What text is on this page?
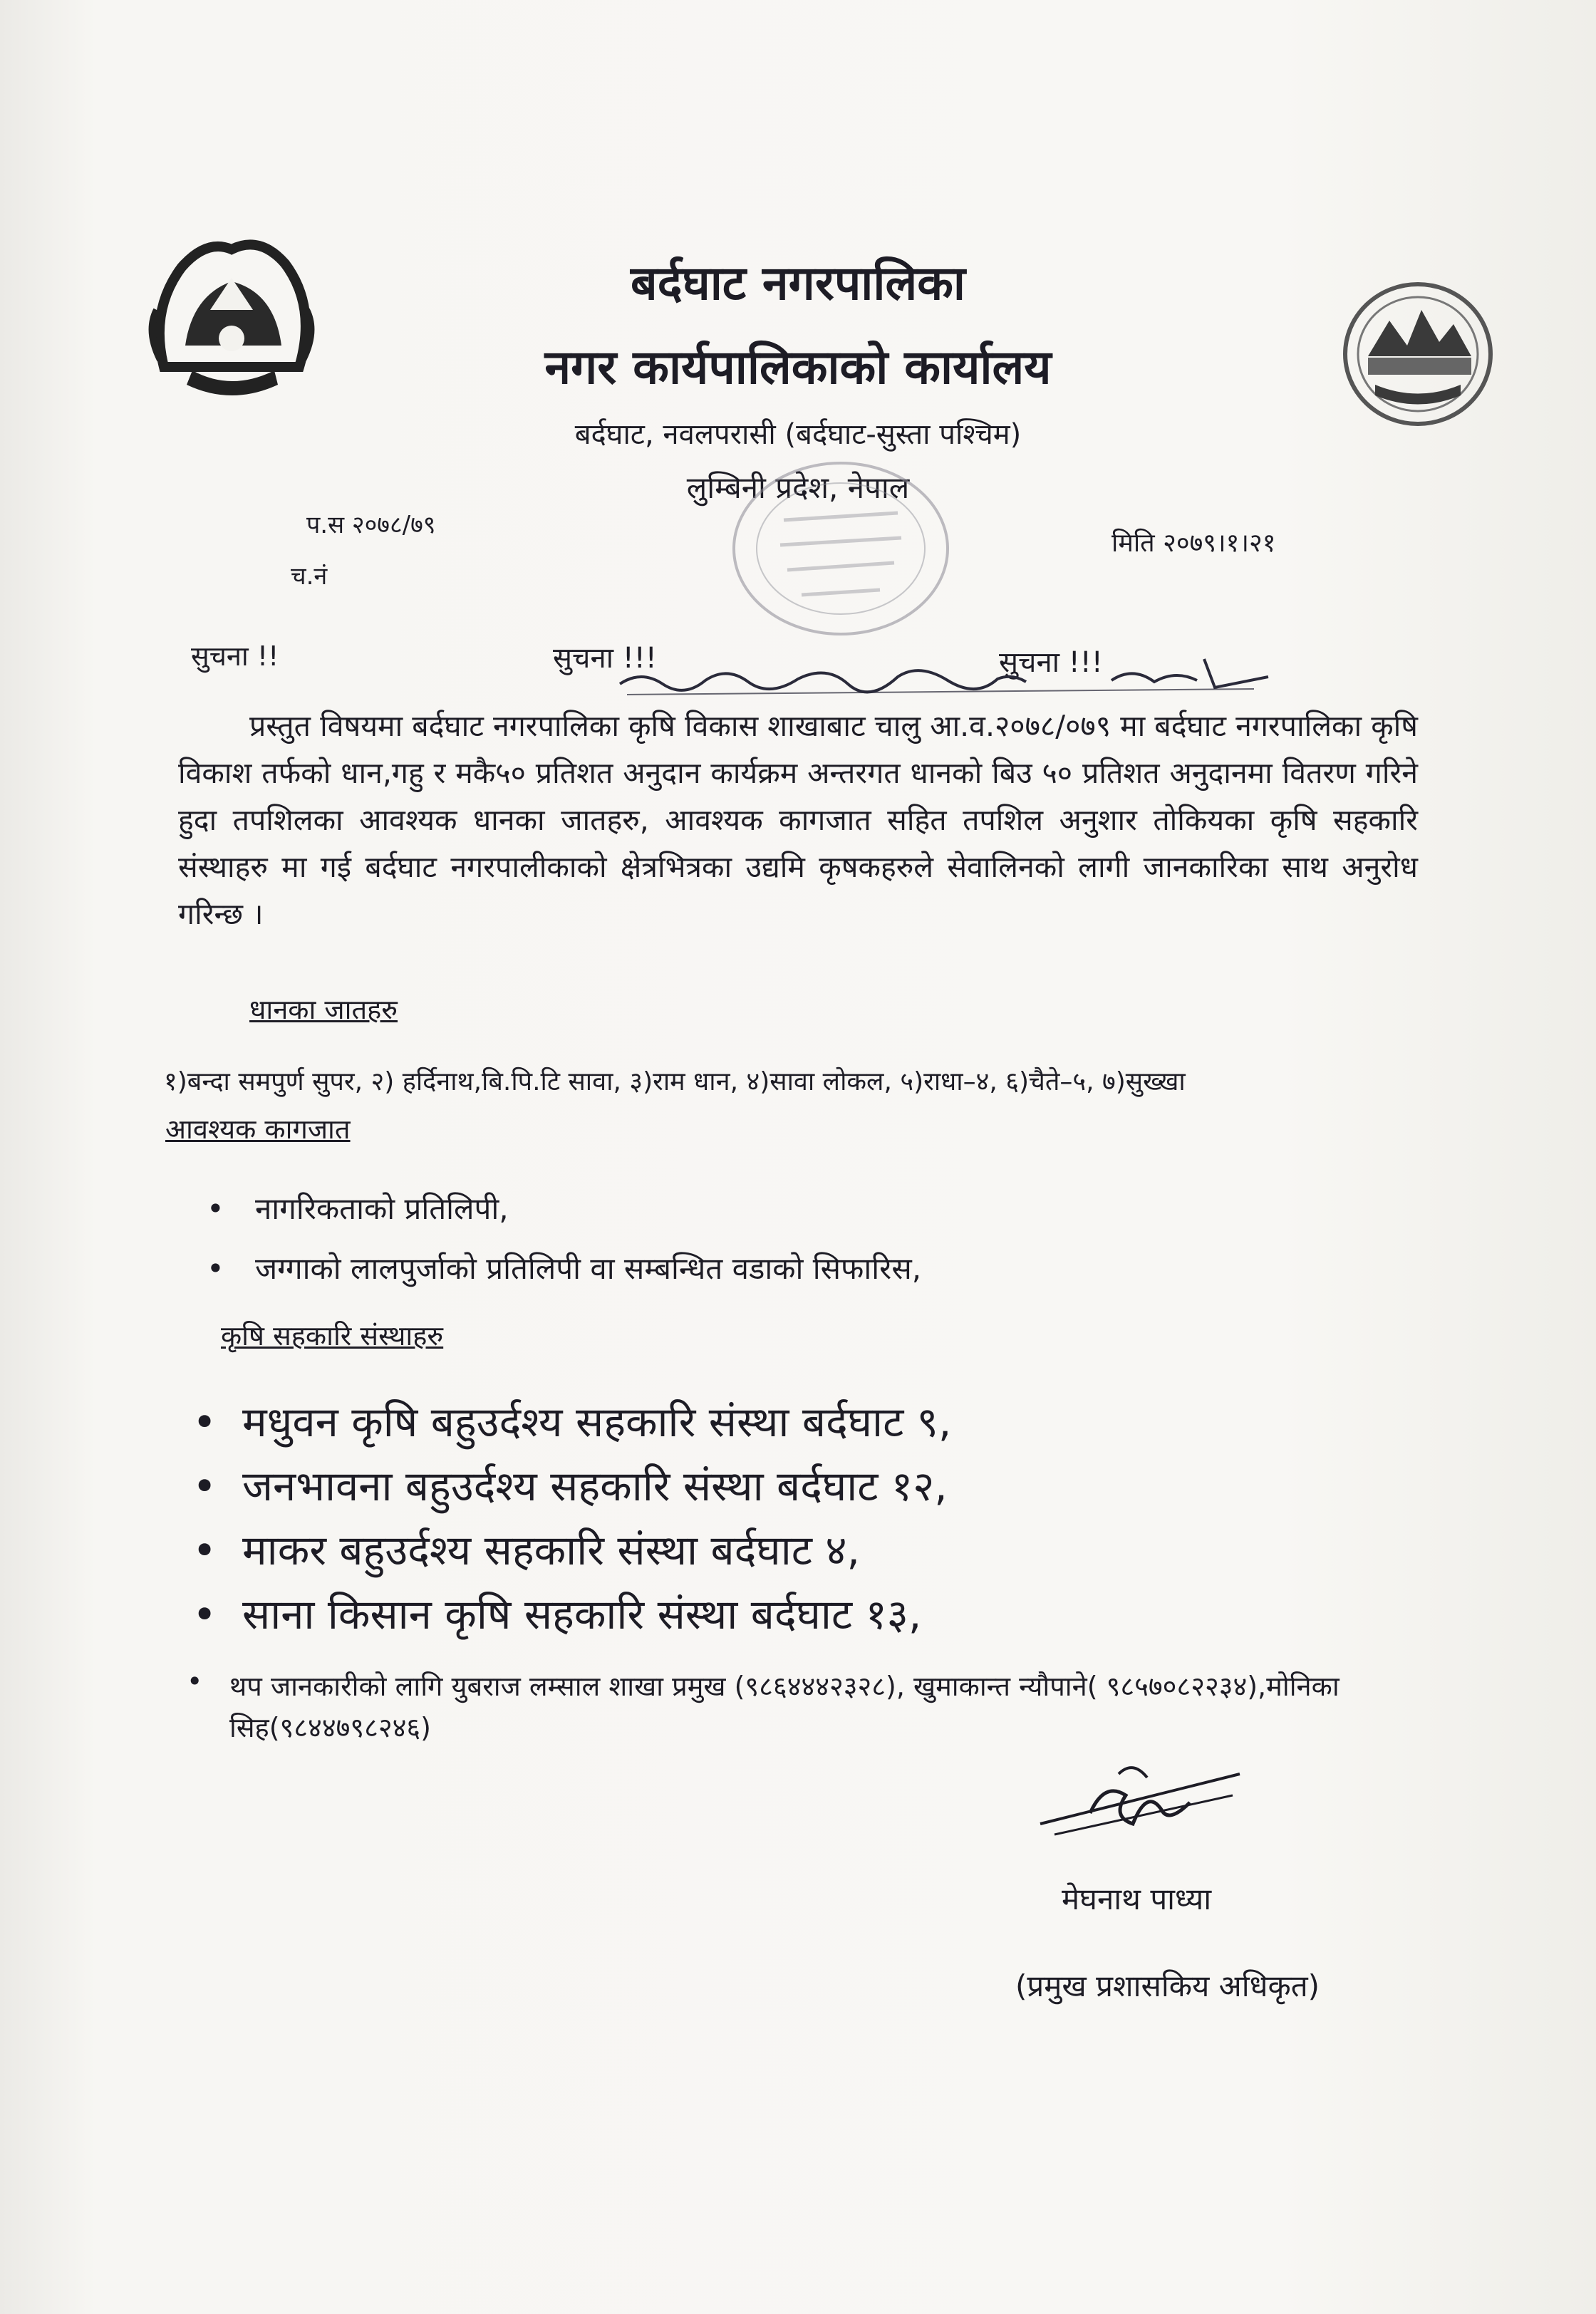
बर्दघाट नगरपालिका
नगर कार्यपालिकाको कार्यालय
बर्दघाट, नवलपरासी (बर्दघाट-सुस्ता पश्चिम)
लुम्बिनी प्रदेश, नेपाल
प.स २०७८/७९
च.नं
मिति २०७९।१।२१
सुचना !!	सुचना !!!	सुचना !!!
प्रस्तुत विषयमा बर्दघाट नगरपालिका कृषि विकास शाखाबाट चालु आ.व.२०७८/०७९ मा बर्दघाट नगरपालिका कृषि विकाश तर्फको धान,गहु र मकै५० प्रतिशत अनुदान कार्यक्रम अन्तरगत धानको बिउ ५० प्रतिशत अनुदानमा वितरण गरिने हुदा तपशिलका आवश्यक धानका जातहरु, आवश्यक कागजात सहित तपशिल अनुशार तोकियका कृषि सहकारि संस्थाहरु मा गई बर्दघाट नगरपालीकाको क्षेत्रभित्रका उद्यमि कृषकहरुले सेवालिनको लागी जानकारिका साथ अनुरोध गरिन्छ ।
धानका जातहरु
१)बन्दा समपुर्ण सुपर, २) हर्दिनाथ,बि.पि.टि सावा, ३)राम धान, ४)सावा लोकल, ५)राधा–४, ६)चैते–५, ७)सुख्खा
आवश्यक कागजात
• नागरिकताको प्रतिलिपी,
• जग्गाको लालपुर्जाको प्रतिलिपी वा सम्बन्धित वडाको सिफारिस,
कृषि सहकारि संस्थाहरु
• मधुवन कृषि बहुउर्दश्य सहकारि संस्था बर्दघाट ९,
• जनभावना बहुउर्दश्य सहकारि संस्था बर्दघाट १२,
• माकर बहुउर्दश्य सहकारि संस्था बर्दघाट ४,
• साना किसान कृषि सहकारि संस्था बर्दघाट १३,
• थप जानकारीको लागि युबराज लम्साल शाखा प्रमुख (९८६४४४२३२८), खुमाकान्त न्यौपाने( ९८५७०८२२३४),मोनिका सिह(९८४४७९८२४६)
मेघनाथ पाध्या
(प्रमुख प्रशासकिय अधिकृत)
